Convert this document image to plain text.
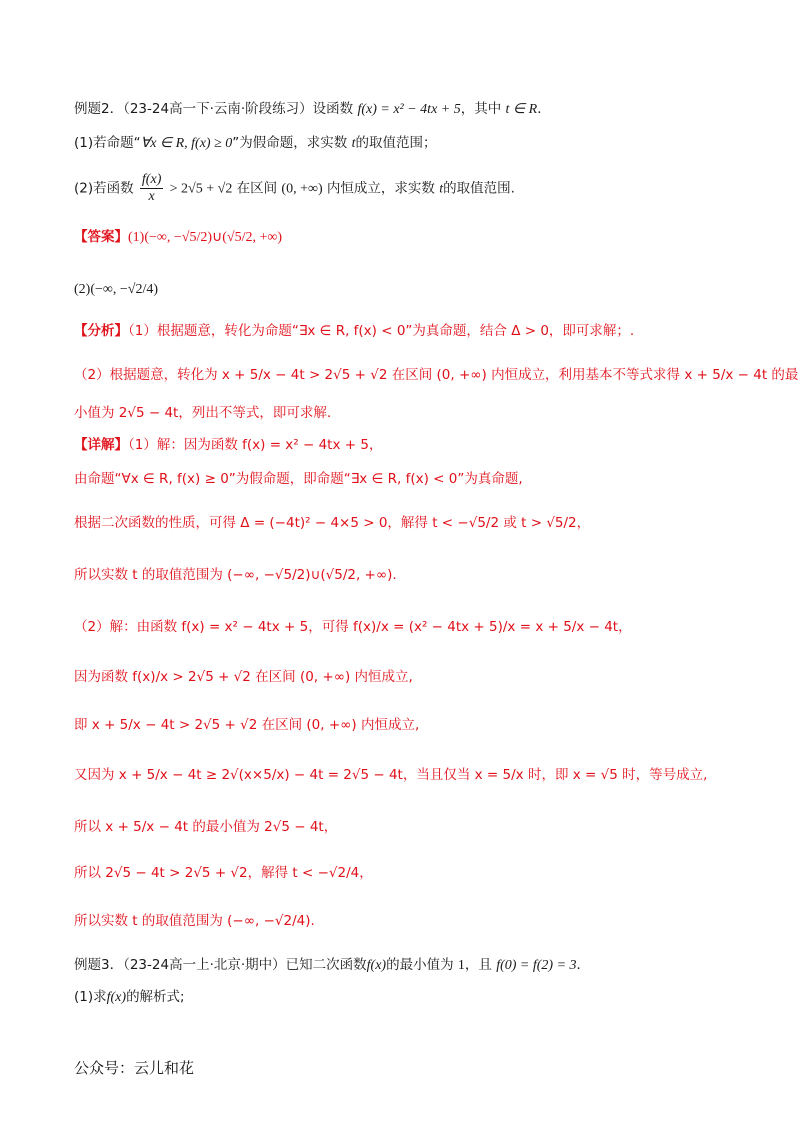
例题2．（23-24高一下·云南·阶段练习）设函数 f(x) = x² − 4tx + 5，其中 t ∈ R．
(1)若命题“∀x ∈ R, f(x) ≥ 0”为假命题，求实数 t的取值范围；
(2)若函数 $\frac{f(x)}{x} > 2√5 + √2$ 在区间 (0, +∞) 内恒成立，求实数 t的取值范围.
【答案】(1)(−∞, −√5/2)∪(√5/2, +∞)
(2)(−∞, −√2/4)
【分析】（1）根据题意，转化为命题“∃x ∈ R, f(x) < 0”为真命题，结合 Δ > 0，即可求解；.
（2）根据题意，转化为 x + 5/x − 4t > 2√5 + √2 在区间 (0, +∞) 内恒成立，利用基本不等式求得 x + 5/x − 4t 的最
小值为 2√5 − 4t，列出不等式，即可求解.
【详解】（1）解：因为函数 f(x) = x² − 4tx + 5，
由命题“∀x ∈ R, f(x) ≥ 0”为假命题，即命题“∃x ∈ R, f(x) < 0”为真命题,
根据二次函数的性质，可得 Δ = (−4t)² − 4×5 > 0，解得 t < −√5/2 或 t > √5/2，
所以实数 t 的取值范围为 (−∞, −√5/2)∪(√5/2, +∞).
（2）解：由函数 f(x) = x² − 4tx + 5，可得 f(x)/x = (x² − 4tx + 5)/x = x + 5/x − 4t，
因为函数 f(x)/x > 2√5 + √2 在区间 (0, +∞) 内恒成立,
即 x + 5/x − 4t > 2√5 + √2 在区间 (0, +∞) 内恒成立,
又因为 x + 5/x − 4t ≥ 2√(x×5/x) − 4t = 2√5 − 4t，当且仅当 x = 5/x 时，即 x = √5 时，等号成立,
所以 x + 5/x − 4t 的最小值为 2√5 − 4t，
所以 2√5 − 4t > 2√5 + √2，解得 t < −√2/4，
所以实数 t 的取值范围为 (−∞, −√2/4).
例题3．（23-24高一上·北京·期中）已知二次函数f(x)的最小值为 1，且 f(0) = f(2) = 3．
(1)求f(x)的解析式;
公众号：云儿和花
